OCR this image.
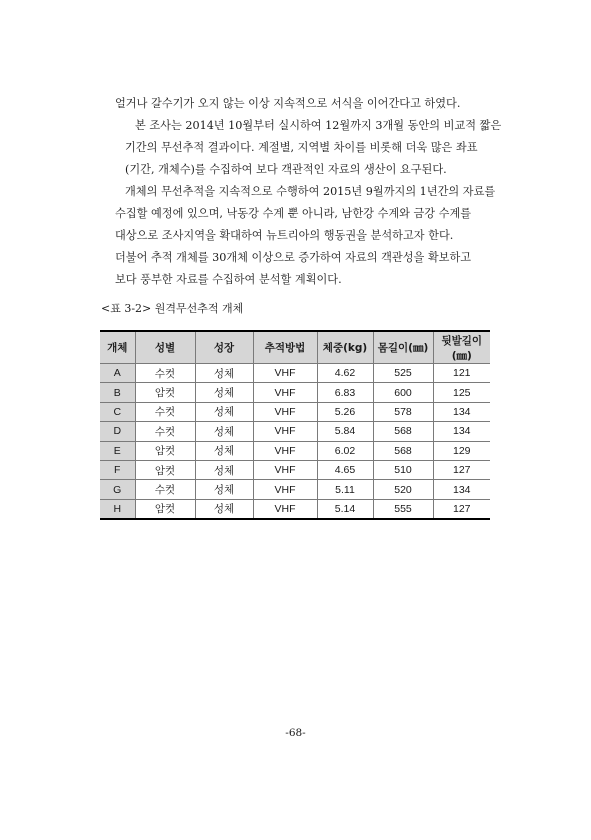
얼거나 갈수기가 오지 않는 이상 지속적으로 서식을 이어간다고 하였다.

본 조사는 2014년 10월부터 실시하여 12월까지 3개월 동안의 비교적 짧은
기간의 무선추적 결과이다. 계절별, 지역별 차이를 비롯해 더욱 많은 좌표
(기간, 개체수)를 수집하여 보다 객관적인 자료의 생산이 요구된다.

개체의 무선추적을 지속적으로 수행하여 2015년 9월까지의 1년간의 자료를
수집할 예정에 있으며, 낙동강 수계 뿐 아니라, 남한강 수계와 금강 수계를
대상으로 조사지역을 확대하여 뉴트리아의 행동권을 분석하고자 한다.
더불어 추적 개체를 30개체 이상으로 증가하여 자료의 객관성을 확보하고
보다 풍부한 자료를 수집하여 분석할 계획이다.

<표 3-2> 원격무선추적 개체

개체	성별	성장	추적방법	체중(kg)	몸길이(㎜)	뒷발길이(㎜)
A	수컷	성체	VHF	4.62	525	121
B	암컷	성체	VHF	6.83	600	125
C	수컷	성체	VHF	5.26	578	134
D	수컷	성체	VHF	5.84	568	134
E	암컷	성체	VHF	6.02	568	129
F	암컷	성체	VHF	4.65	510	127
G	수컷	성체	VHF	5.11	520	134
H	암컷	성체	VHF	5.14	555	127
-68-
